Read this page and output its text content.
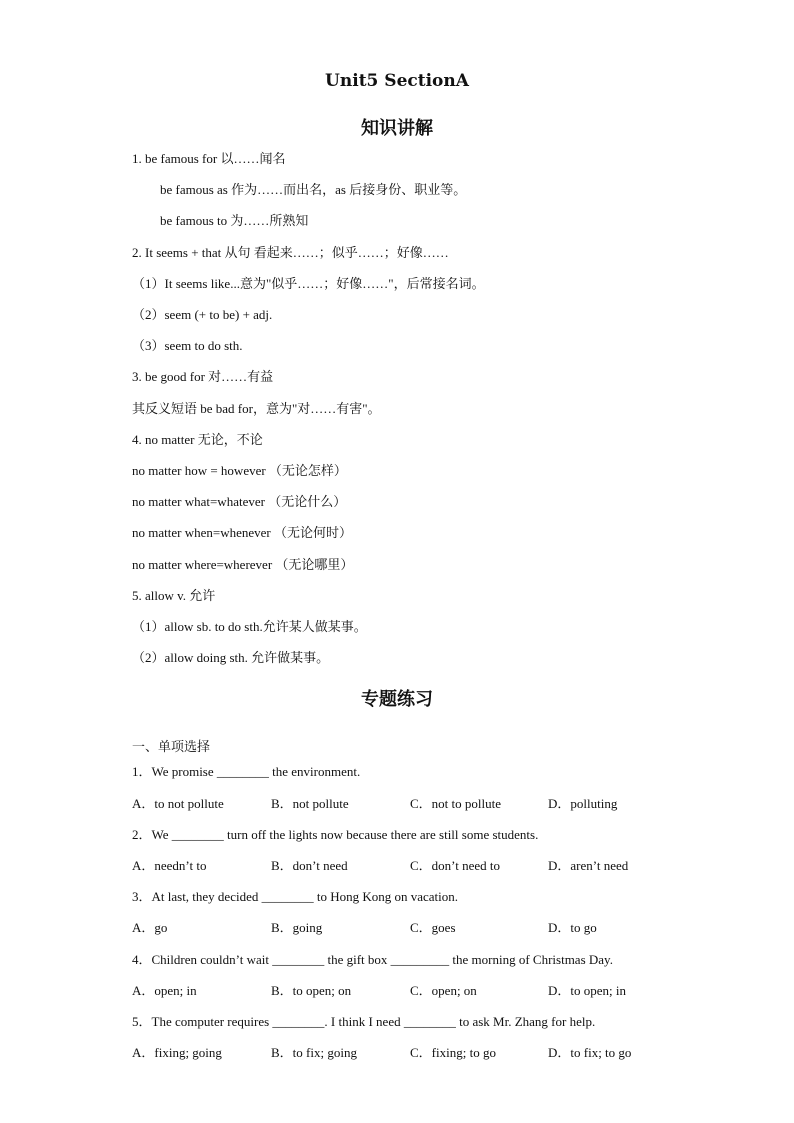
Unit5 SectionA
知识讲解
1. be famous for 以……闻名
be famous as 作为……而出名，as 后接身份、职业等。
be famous to 为……所熟知
2. It seems + that 从句 看起来……；似乎……；好像……
（1）It seems like...意为"似乎……；好像……"，后常接名词。
（2）seem (+ to be) + adj.
（3）seem to do sth.
3. be good for 对……有益
其反义短语 be bad for，意为"对……有害"。
4. no matter 无论，不论
no matter how = however （无论怎样）
no matter what=whatever （无论什么）
no matter when=whenever （无论何时）
no matter where=wherever （无论哪里）
5. allow v. 允许
（1）allow sb. to do sth.允许某人做某事。
（2）allow doing sth. 允许做某事。
专题练习
一、单项选择
1．We promise ________ the environment.
A．to not pollute	B．not pollute	C．not to pollute	D．polluting
2．We ________ turn off the lights now because there are still some students.
A．needn’t to	B．don’t need	C．don’t need to	D．aren’t need
3．At last, they decided ________ to Hong Kong on vacation.
A．go	B．going	C．goes	D．to go
4．Children couldn’t wait ________ the gift box _________ the morning of Christmas Day.
A．open; in	B．to open; on	C．open; on	D．to open; in
5．The computer requires ________. I think I need ________ to ask Mr. Zhang for help.
A．fixing; going	B．to fix; going	C．fixing; to go	D．to fix; to go
